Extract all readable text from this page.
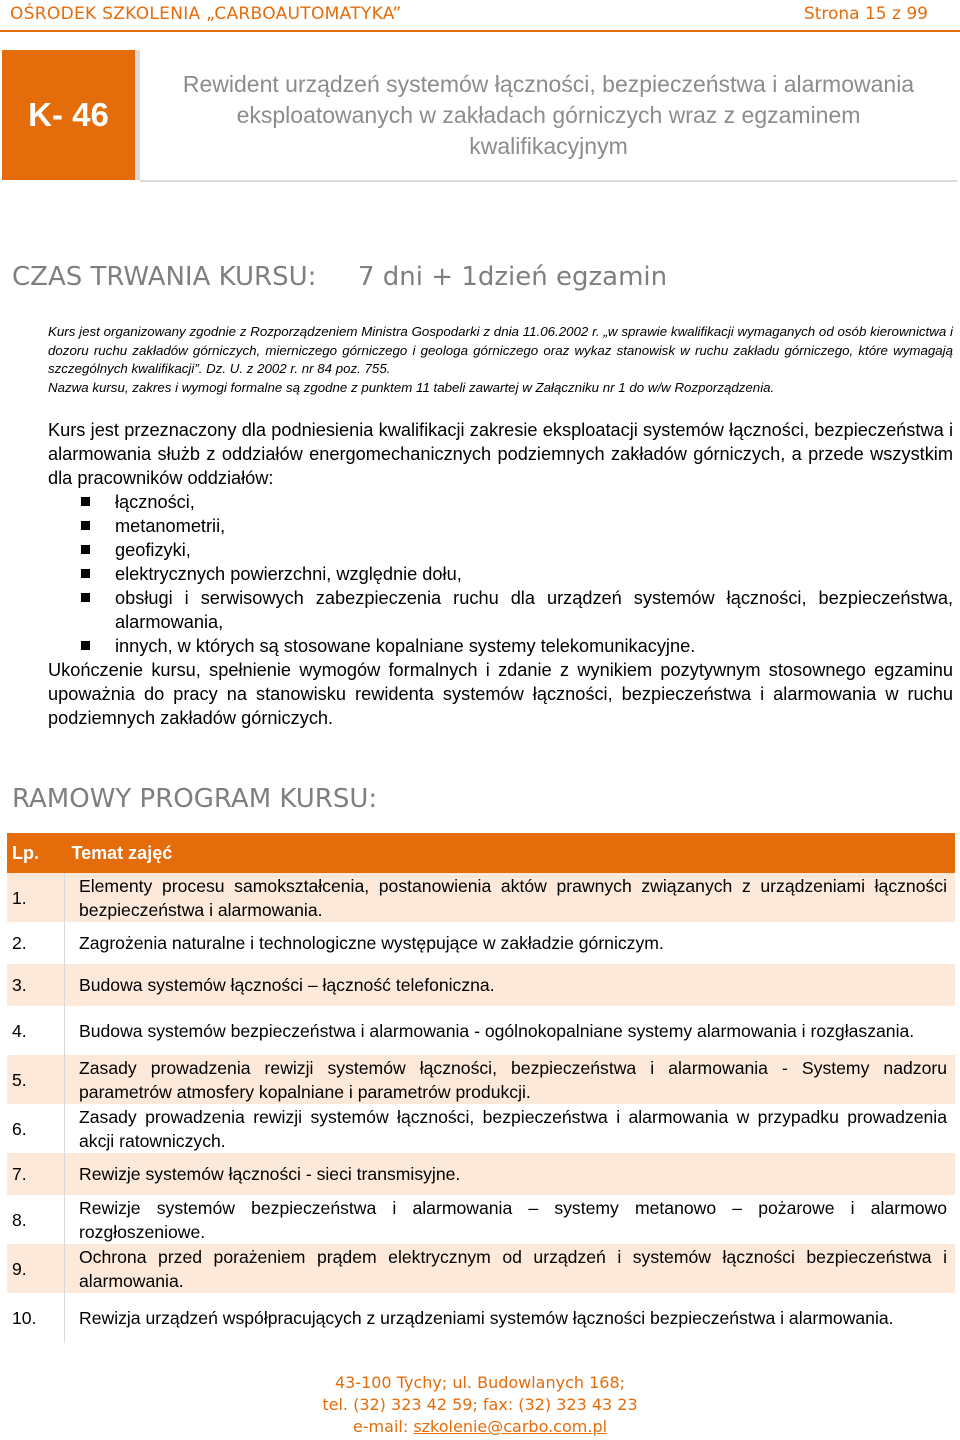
OŚRODEK SZKOLENIA „CARBOAUTOMATYKA”	Strona 15 z 99
K- 46
Rewident urządzeń systemów łączności, bezpieczeństwa i alarmowania
eksploatowanych w zakładach górniczych wraz z egzaminem kwalifikacyjnym
CZAS TRWANIA KURSU: 7 dni + 1dzień egzamin

Kurs jest organizowany zgodnie z Rozporządzeniem Ministra Gospodarki z dnia 11.06.2002 r. „w sprawie kwalifikacji wymaganych od osób kierownictwa i dozoru ruchu zakładów górniczych, mierniczego górniczego i geologa górniczego oraz wykaz stanowisk w ruchu zakładu górniczego, które wymagają szczególnych kwalifikacji”. Dz. U. z 2002 r. nr 84 poz. 755.

Nazwa kursu, zakres i wymogi formalne są zgodne z punktem 11 tabeli zawartej w Załączniku nr 1 do w/w Rozporządzenia.

Kurs jest przeznaczony dla podniesienia kwalifikacji zakresie eksploatacji systemów łączności, bezpieczeństwa i alarmowania służb z oddziałów energomechanicznych podziemnych zakładów górniczych, a przede wszystkim dla pracowników oddziałów:

łączności,
metanometrii,
geofizyki,
elektrycznych powierzchni, względnie dołu,
obsługi i serwisowych zabezpieczenia ruchu dla urządzeń systemów łączności, bezpieczeństwa, alarmowania,
innych, w których są stosowane kopalniane systemy telekomunikacyjne.

Ukończenie kursu, spełnienie wymogów formalnych i zdanie z wynikiem pozytywnym stosownego egzaminu upoważnia do pracy na stanowisku rewidenta systemów łączności, bezpieczeństwa i alarmowania w ruchu podziemnych zakładów górniczych.

RAMOWY PROGRAM KURSU:
Lp.	Temat zajęć
1.	Elementy procesu samokształcenia, postanowienia aktów prawnych związanych z urządzeniami łączności bezpieczeństwa i alarmowania.
2.	Zagrożenia naturalne i technologiczne występujące w zakładzie górniczym.
3.	Budowa systemów łączności – łączność telefoniczna.
4.	Budowa systemów bezpieczeństwa i alarmowania - ogólnokopalniane systemy alarmowania i rozgłaszania.
5.	Zasady prowadzenia rewizji systemów łączności, bezpieczeństwa i alarmowania - Systemy nadzoru parametrów atmosfery kopalniane i parametrów produkcji.
6.	Zasady prowadzenia rewizji systemów łączności, bezpieczeństwa i alarmowania w przypadku prowadzenia akcji ratowniczych.
7.	Rewizje systemów łączności - sieci transmisyjne.
8.	Rewizje systemów bezpieczeństwa i alarmowania – systemy metanowo – pożarowe i alarmowo rozgłoszeniowe.
9.	Ochrona przed porażeniem prądem elektrycznym od urządzeń i systemów łączności bezpieczeństwa i alarmowania.
10.	Rewizja urządzeń współpracujących z urządzeniami systemów łączności bezpieczeństwa i alarmowania.
43-100 Tychy; ul. Budowlanych 168;
tel. (32) 323 42 59; fax: (32) 323 43 23
e-mail: szkolenie@carbo.com.pl
